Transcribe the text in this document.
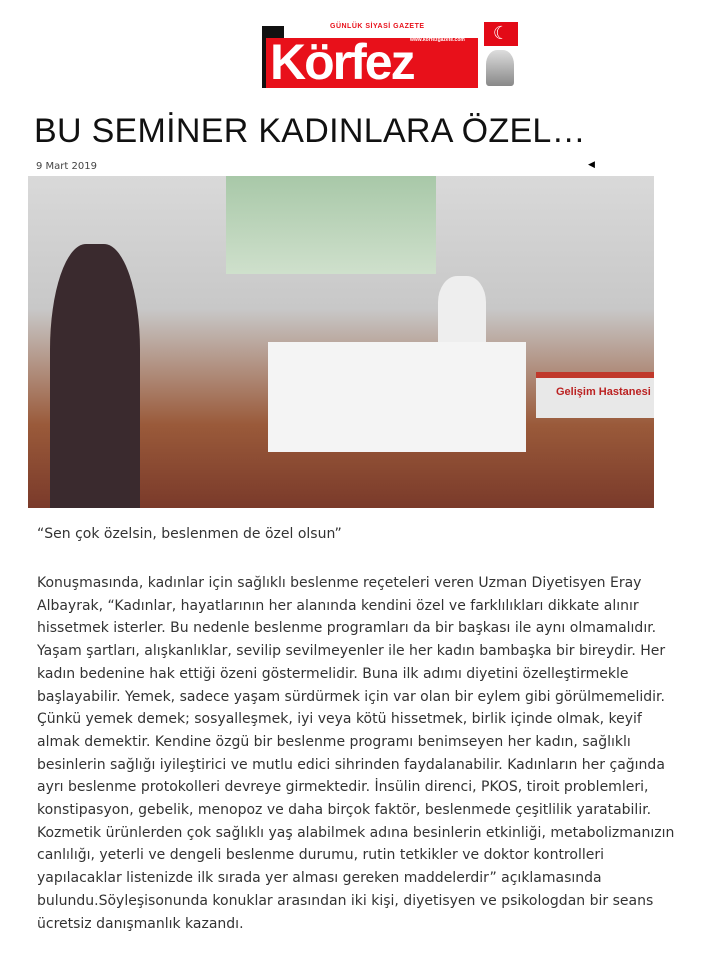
GÜNLÜK SİYASİ GAZETE
www.korfezgazete.com
Körfez
☾
BU SEMİNER KADINLARA ÖZEL…
9 Mart 2019	◀
Gelişim Hastanesi
“Sen çok özelsin, beslenmen de özel olsun”
Konuşmasında, kadınlar için sağlıklı beslenme reçeteleri veren Uzman Diyetisyen Eray Albayrak, “Kadınlar, hayatlarının her alanında kendini özel ve farklılıkları dikkate alınır hissetmek isterler. Bu nedenle beslenme programları da bir başkası ile aynı olmamalıdır. Yaşam şartları, alışkanlıklar, sevilip sevilmeyenler ile her kadın bambaşka bir bireydir. Her kadın bedenine hak ettiği özeni göstermelidir. Buna ilk adımı diyetini özelleştirmekle başlayabilir. Yemek, sadece yaşam sürdürmek için var olan bir eylem gibi görülmemelidir. Çünkü yemek demek; sosyalleşmek, iyi veya kötü hissetmek, birlik içinde olmak, keyif almak demektir. Kendine özgü bir beslenme programı benimseyen her kadın, sağlıklı besinlerin sağlığı iyileştirici ve mutlu edici sihrinden faydalanabilir. Kadınların her çağında ayrı beslenme protokolleri devreye girmektedir. İnsülin direnci, PKOS, tiroit problemleri, konstipasyon, gebelik, menopoz ve daha birçok faktör, beslenmede çeşitlilik yaratabilir. Kozmetik ürünlerden çok sağlıklı yaş alabilmek adına besinlerin etkinliği, metabolizmanızın canlılığı, yeterli ve dengeli beslenme durumu, rutin tetkikler ve doktor kontrolleri yapılacaklar listenizde ilk sırada yer alması gereken maddelerdir” açıklamasında bulundu.Söyleşisonunda konuklar arasından iki kişi, diyetisyen ve psikologdan bir seans ücretsiz danışmanlık kazandı.
